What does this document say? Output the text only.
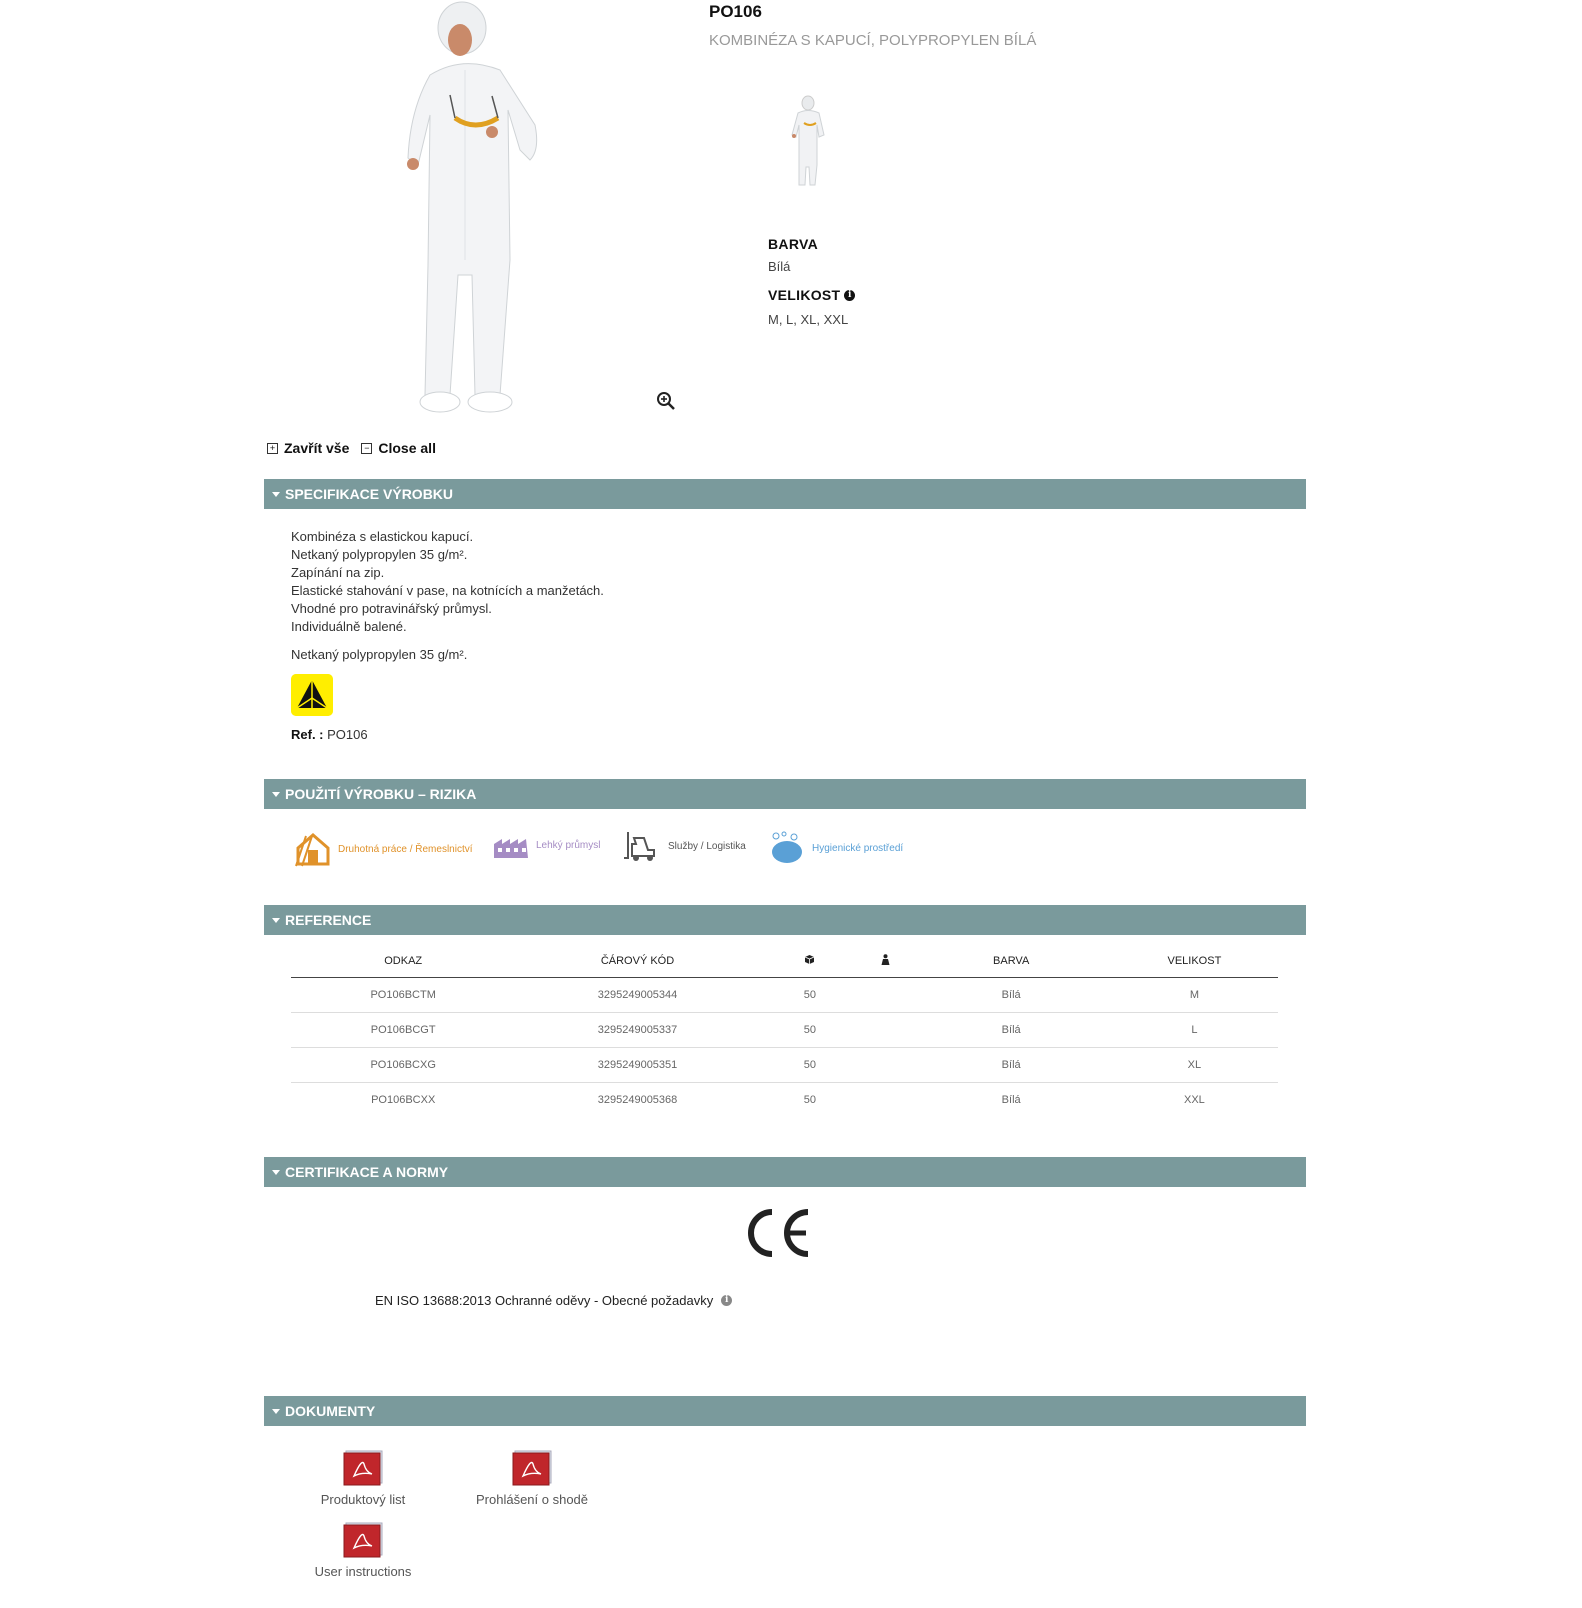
PO106
KOMBINÉZA S KAPUCÍ, POLYPROPYLEN BÍLÁ
BARVA
Bílá
VELIKOST i
M, L, XL, XXL
+ Zavřít vše	− Close all
SPECIFIKACE VÝROBKU

Kombinéza s elastickou kapucí.

Netkaný polypropylen 35 g/m².

Zapínání na zip.

Elastické stahování v pase, na kotnících a manžetách.

Vhodné pro potravinářský průmysl.

Individuálně balené.

Netkaný polypropylen 35 g/m².
Ref. : PO106
POUŽITÍ VÝROBKU – RIZIKA
Druhotná práce / Řemeslnictví	Lehký průmysl	Služby / Logistika	Hygienické prostředí
REFERENCE
ODKAZ	ČÁROVÝ KÓD			BARVA	VELIKOST
PO106BCTM	3295249005344	50		Bílá	M
PO106BCGT	3295249005337	50		Bílá	L
PO106BCXG	3295249005351	50		Bílá	XL
PO106BCXX	3295249005368	50		Bílá	XXL
CERTIFIKACE A NORMY
EN ISO 13688:2013 Ochranné oděvy - Obecné požadavky	i
DOKUMENTY
Produktový list	Prohlášení o shodě
User instructions
